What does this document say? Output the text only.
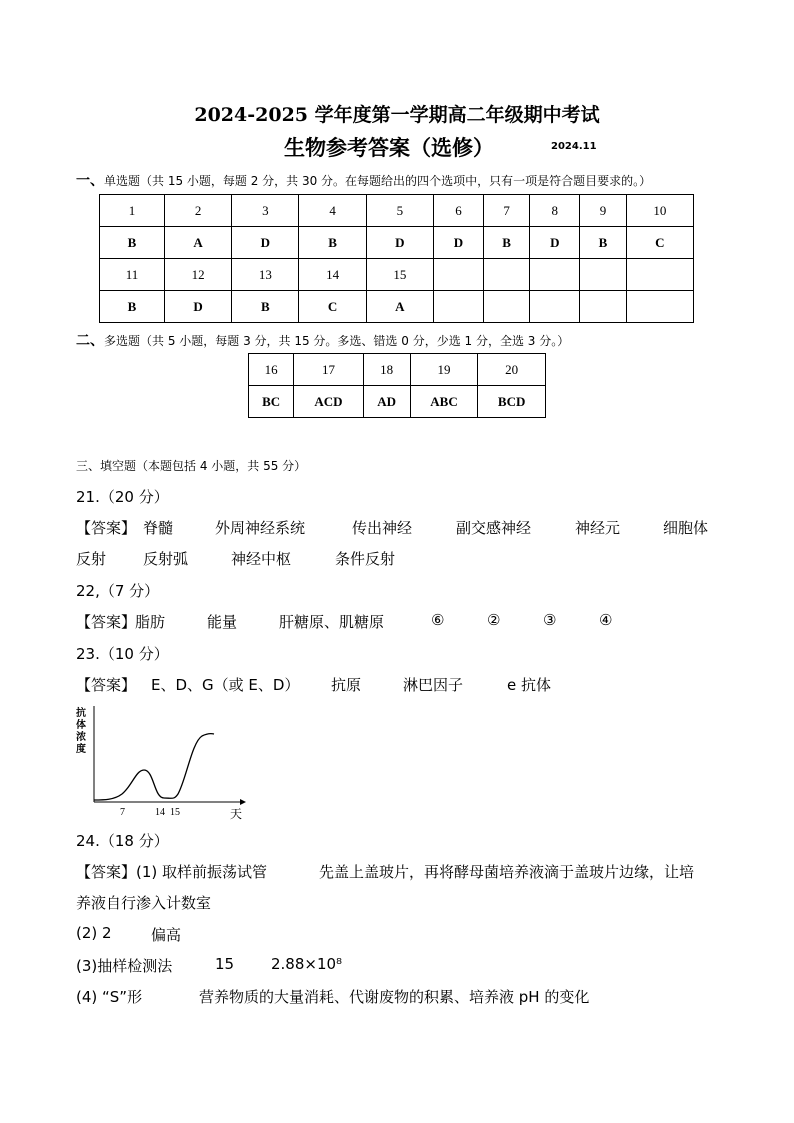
2024-2025 学年度第一学期高二年级期中考试
生物参考答案（选修）	2024.11
一、单选题（共 15 小题，每题 2 分，共 30 分。在每题给出的四个选项中，只有一项是符合题目要求的。）
1	2	3	4	5	6	7	8	9	10
B	A	D	B	D	D	B	D	B	C
11	12	13	14	15					
B	D	B	C	A					
二、多选题（共 5 小题，每题 3 分，共 15 分。多选、错选 0 分，少选 1 分，全选 3 分。）
16	17	18	19	20
BC	ACD	AD	ABC	BCD
三、填空题（本题包括 4 小题，共 55 分）
21.（20 分）
【答案】 脊髓	外周神经系统	传出神经	副交感神经	神经元	细胞体
反射 反射弧	神经中枢	条件反射
22,（7 分）
【答案】
脂肪	能量	肝糖原、肌糖原	⑥	②	③	④
23.（10 分）
【答案】 E、D、G（或 E、D） 抗原	淋巴因子	e 抗体
抗
体
浓
度
7	14 15	天
24.（18 分）
【答案】(1) 取样前振荡试管	先盖上盖玻片，再将酵母菌培养液滴于盖玻片边缘，让培
养液自行渗入计数室
(2) 2	偏高
(3)抽样检测法	15 2.88×10⁸
(4) “S”形	营养物质的大量消耗、代谢废物的积累、培养液 pH 的变化
